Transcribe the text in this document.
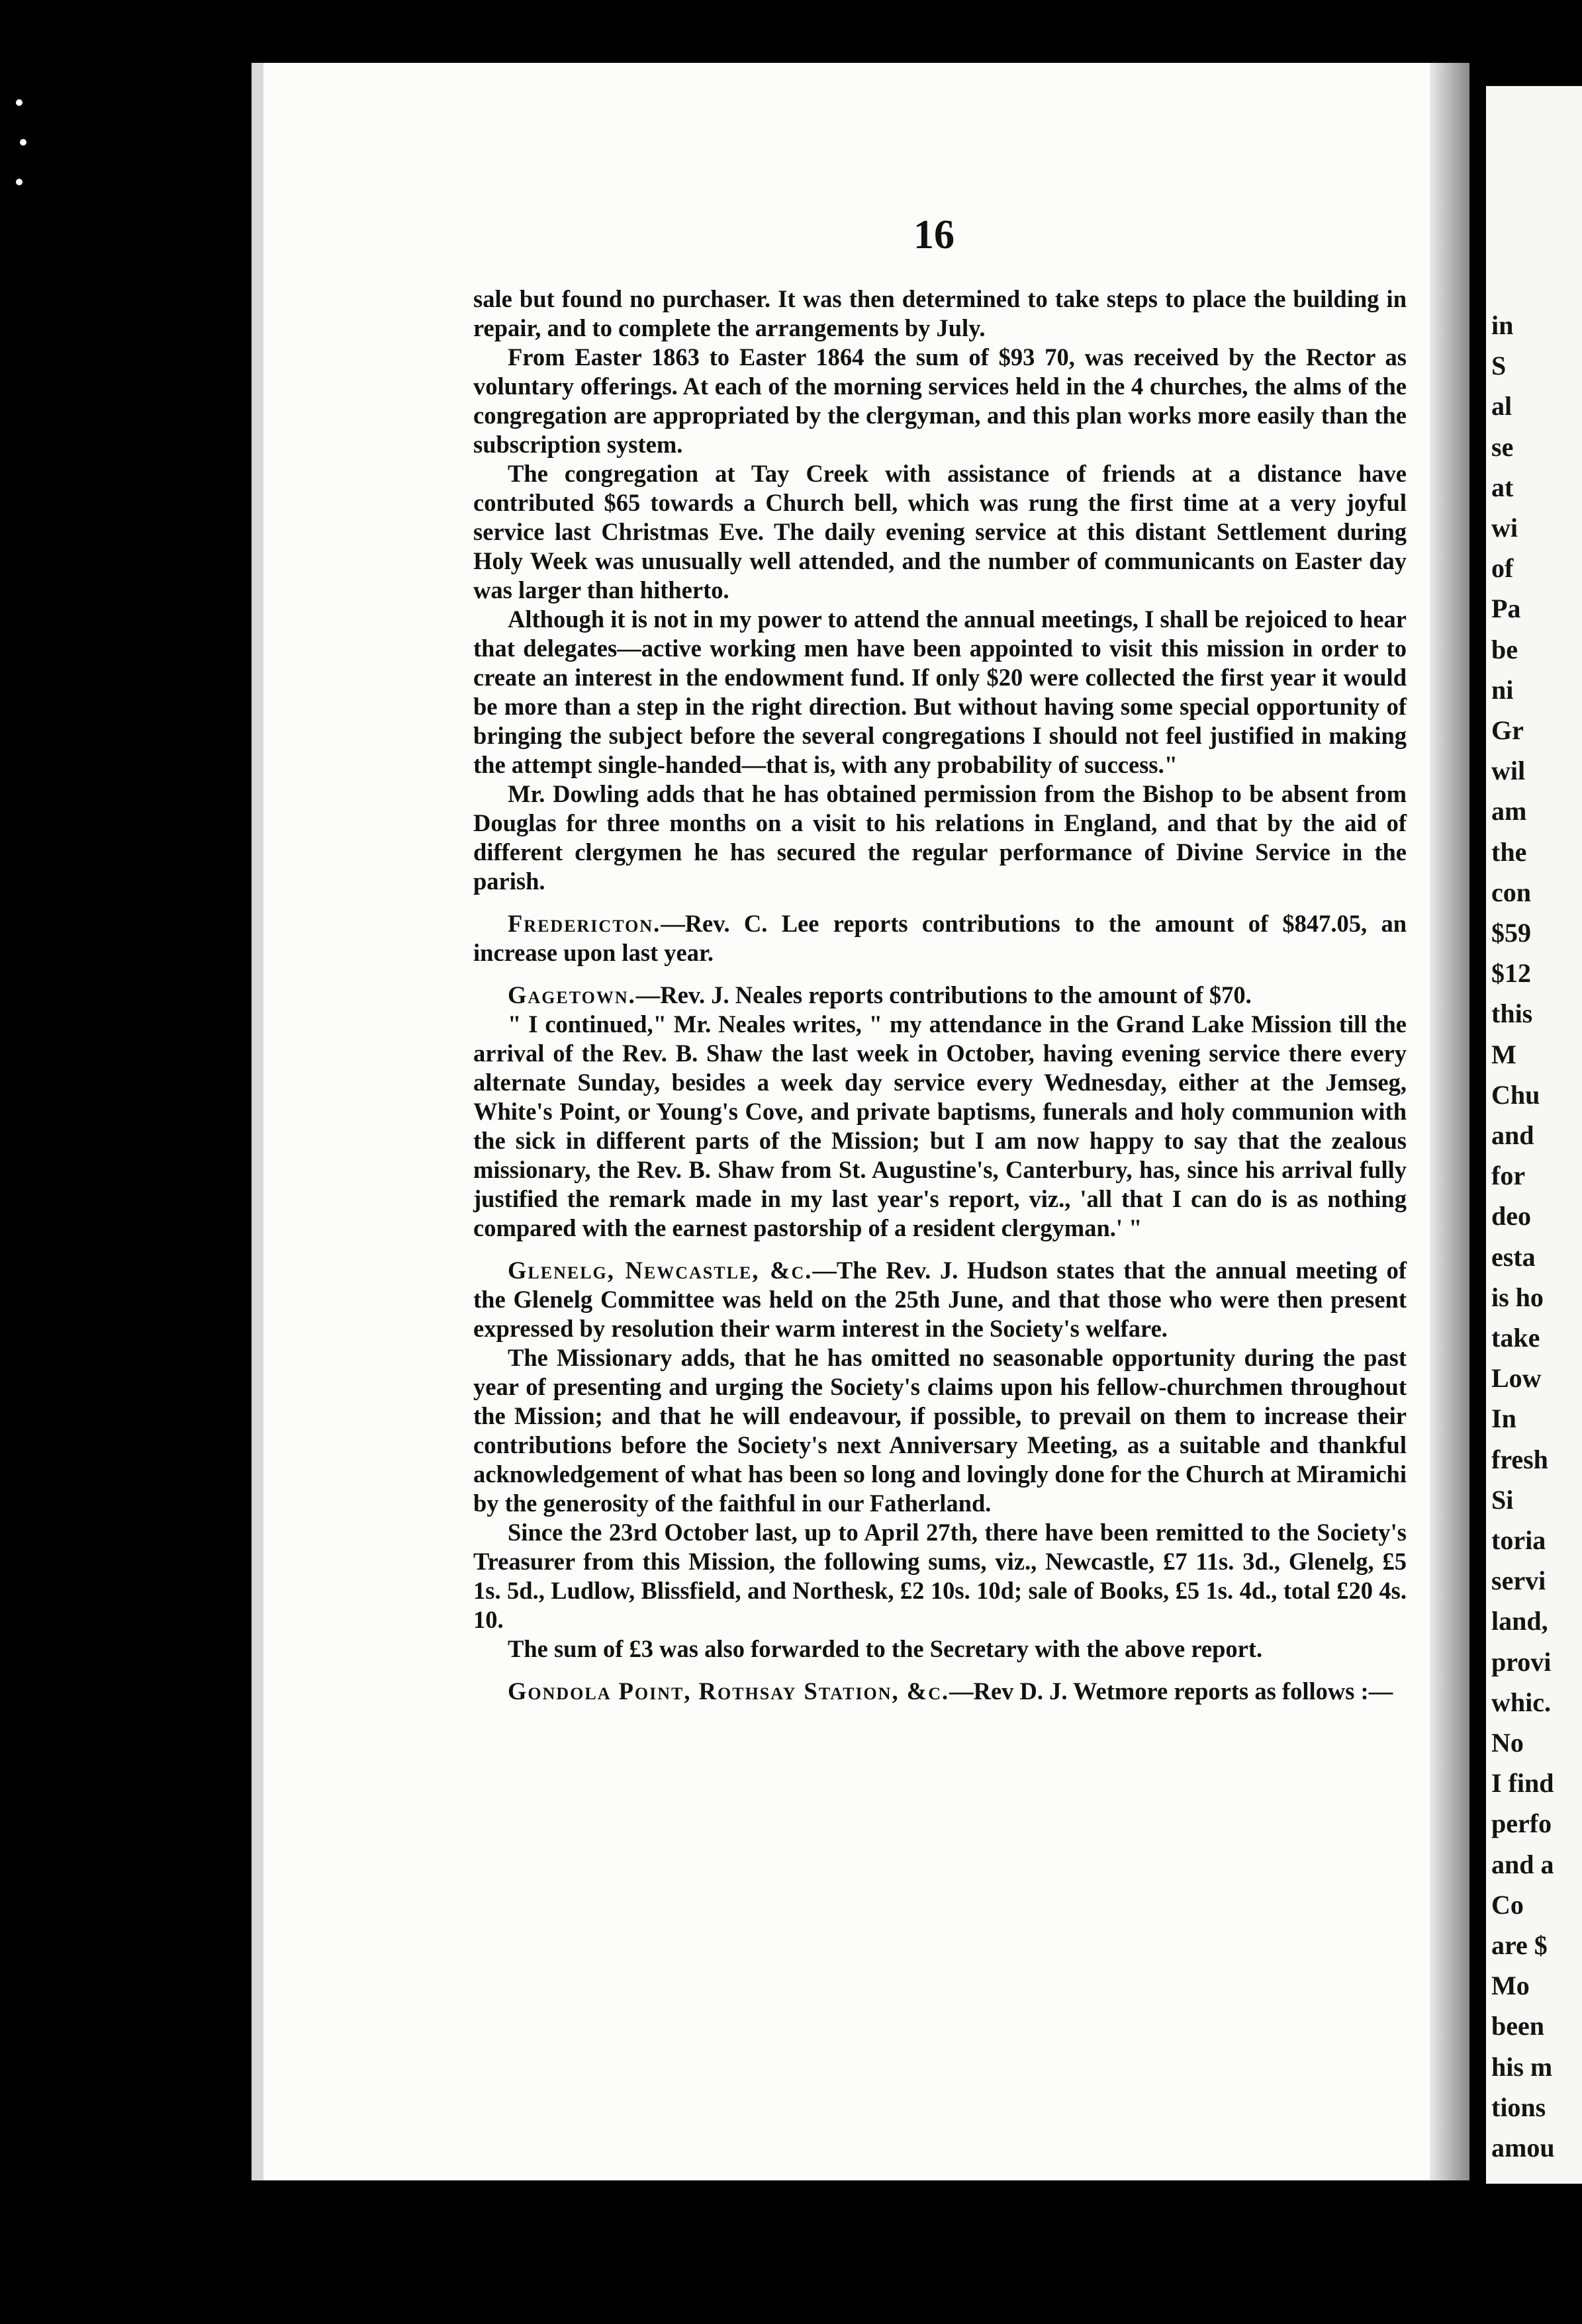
in
S
al
se
at
wi
of
Pa
be
ni
Gr
wil
am
the
con
$59
$12
this
M
Chu
and
for
deo
esta
is ho
take
Low
In
fresh
Si
toria
servi
land,
provi
whic.
No
I find
perfo
and a
Co
are $
Mo
been
his m
tions
amou
16

sale but found no purchaser. It was then determined to take steps to place the building in repair, and to complete the arrangements by July.

From Easter 1863 to Easter 1864 the sum of $93 70, was received by the Rector as voluntary offerings. At each of the morning services held in the 4 churches, the alms of the congregation are appropriated by the clergyman, and this plan works more easily than the subscription system.

The congregation at Tay Creek with assistance of friends at a distance have contributed $65 towards a Church bell, which was rung the first time at a very joyful service last Christmas Eve. The daily evening service at this distant Settlement during Holy Week was unusually well attended, and the number of communicants on Easter day was larger than hitherto.

Although it is not in my power to attend the annual meetings, I shall be rejoiced to hear that delegates—active working men have been appointed to visit this mission in order to create an interest in the endowment fund. If only $20 were collected the first year it would be more than a step in the right direction. But without having some special opportunity of bringing the subject before the several congregations I should not feel justified in making the attempt single-handed—that is, with any probability of success."

Mr. Dowling adds that he has obtained permission from the Bishop to be absent from Douglas for three months on a visit to his relations in England, and that by the aid of different clergymen he has secured the regular performance of Divine Service in the parish.

Fredericton.—Rev. C. Lee reports contributions to the amount of $847.05, an increase upon last year.

Gagetown.—Rev. J. Neales reports contributions to the amount of $70.

" I continued," Mr. Neales writes, " my attendance in the Grand Lake Mission till the arrival of the Rev. B. Shaw the last week in October, having evening service there every alternate Sunday, besides a week day service every Wednesday, either at the Jemseg, White's Point, or Young's Cove, and private baptisms, funerals and holy communion with the sick in different parts of the Mission; but I am now happy to say that the zealous missionary, the Rev. B. Shaw from St. Augustine's, Canterbury, has, since his arrival fully justified the remark made in my last year's report, viz., 'all that I can do is as nothing compared with the earnest pastorship of a resident clergyman.' "

Glenelg, Newcastle, &c.—The Rev. J. Hudson states that the annual meeting of the Glenelg Committee was held on the 25th June, and that those who were then present expressed by resolution their warm interest in the Society's welfare.

The Missionary adds, that he has omitted no seasonable opportunity during the past year of presenting and urging the Society's claims upon his fellow-churchmen throughout the Mission; and that he will endeavour, if possible, to prevail on them to increase their contributions before the Society's next Anniversary Meeting, as a suitable and thankful acknowledgement of what has been so long and lovingly done for the Church at Miramichi by the generosity of the faithful in our Fatherland.

Since the 23rd October last, up to April 27th, there have been remitted to the Society's Treasurer from this Mission, the following sums, viz., Newcastle, £7 11s. 3d., Glenelg, £5 1s. 5d., Ludlow, Blissfield, and Northesk, £2 10s. 10d; sale of Books, £5 1s. 4d., total £20 4s. 10.

The sum of £3 was also forwarded to the Secretary with the above report.

Gondola Point, Rothsay Station, &c.—Rev D. J. Wetmore reports as follows :—
